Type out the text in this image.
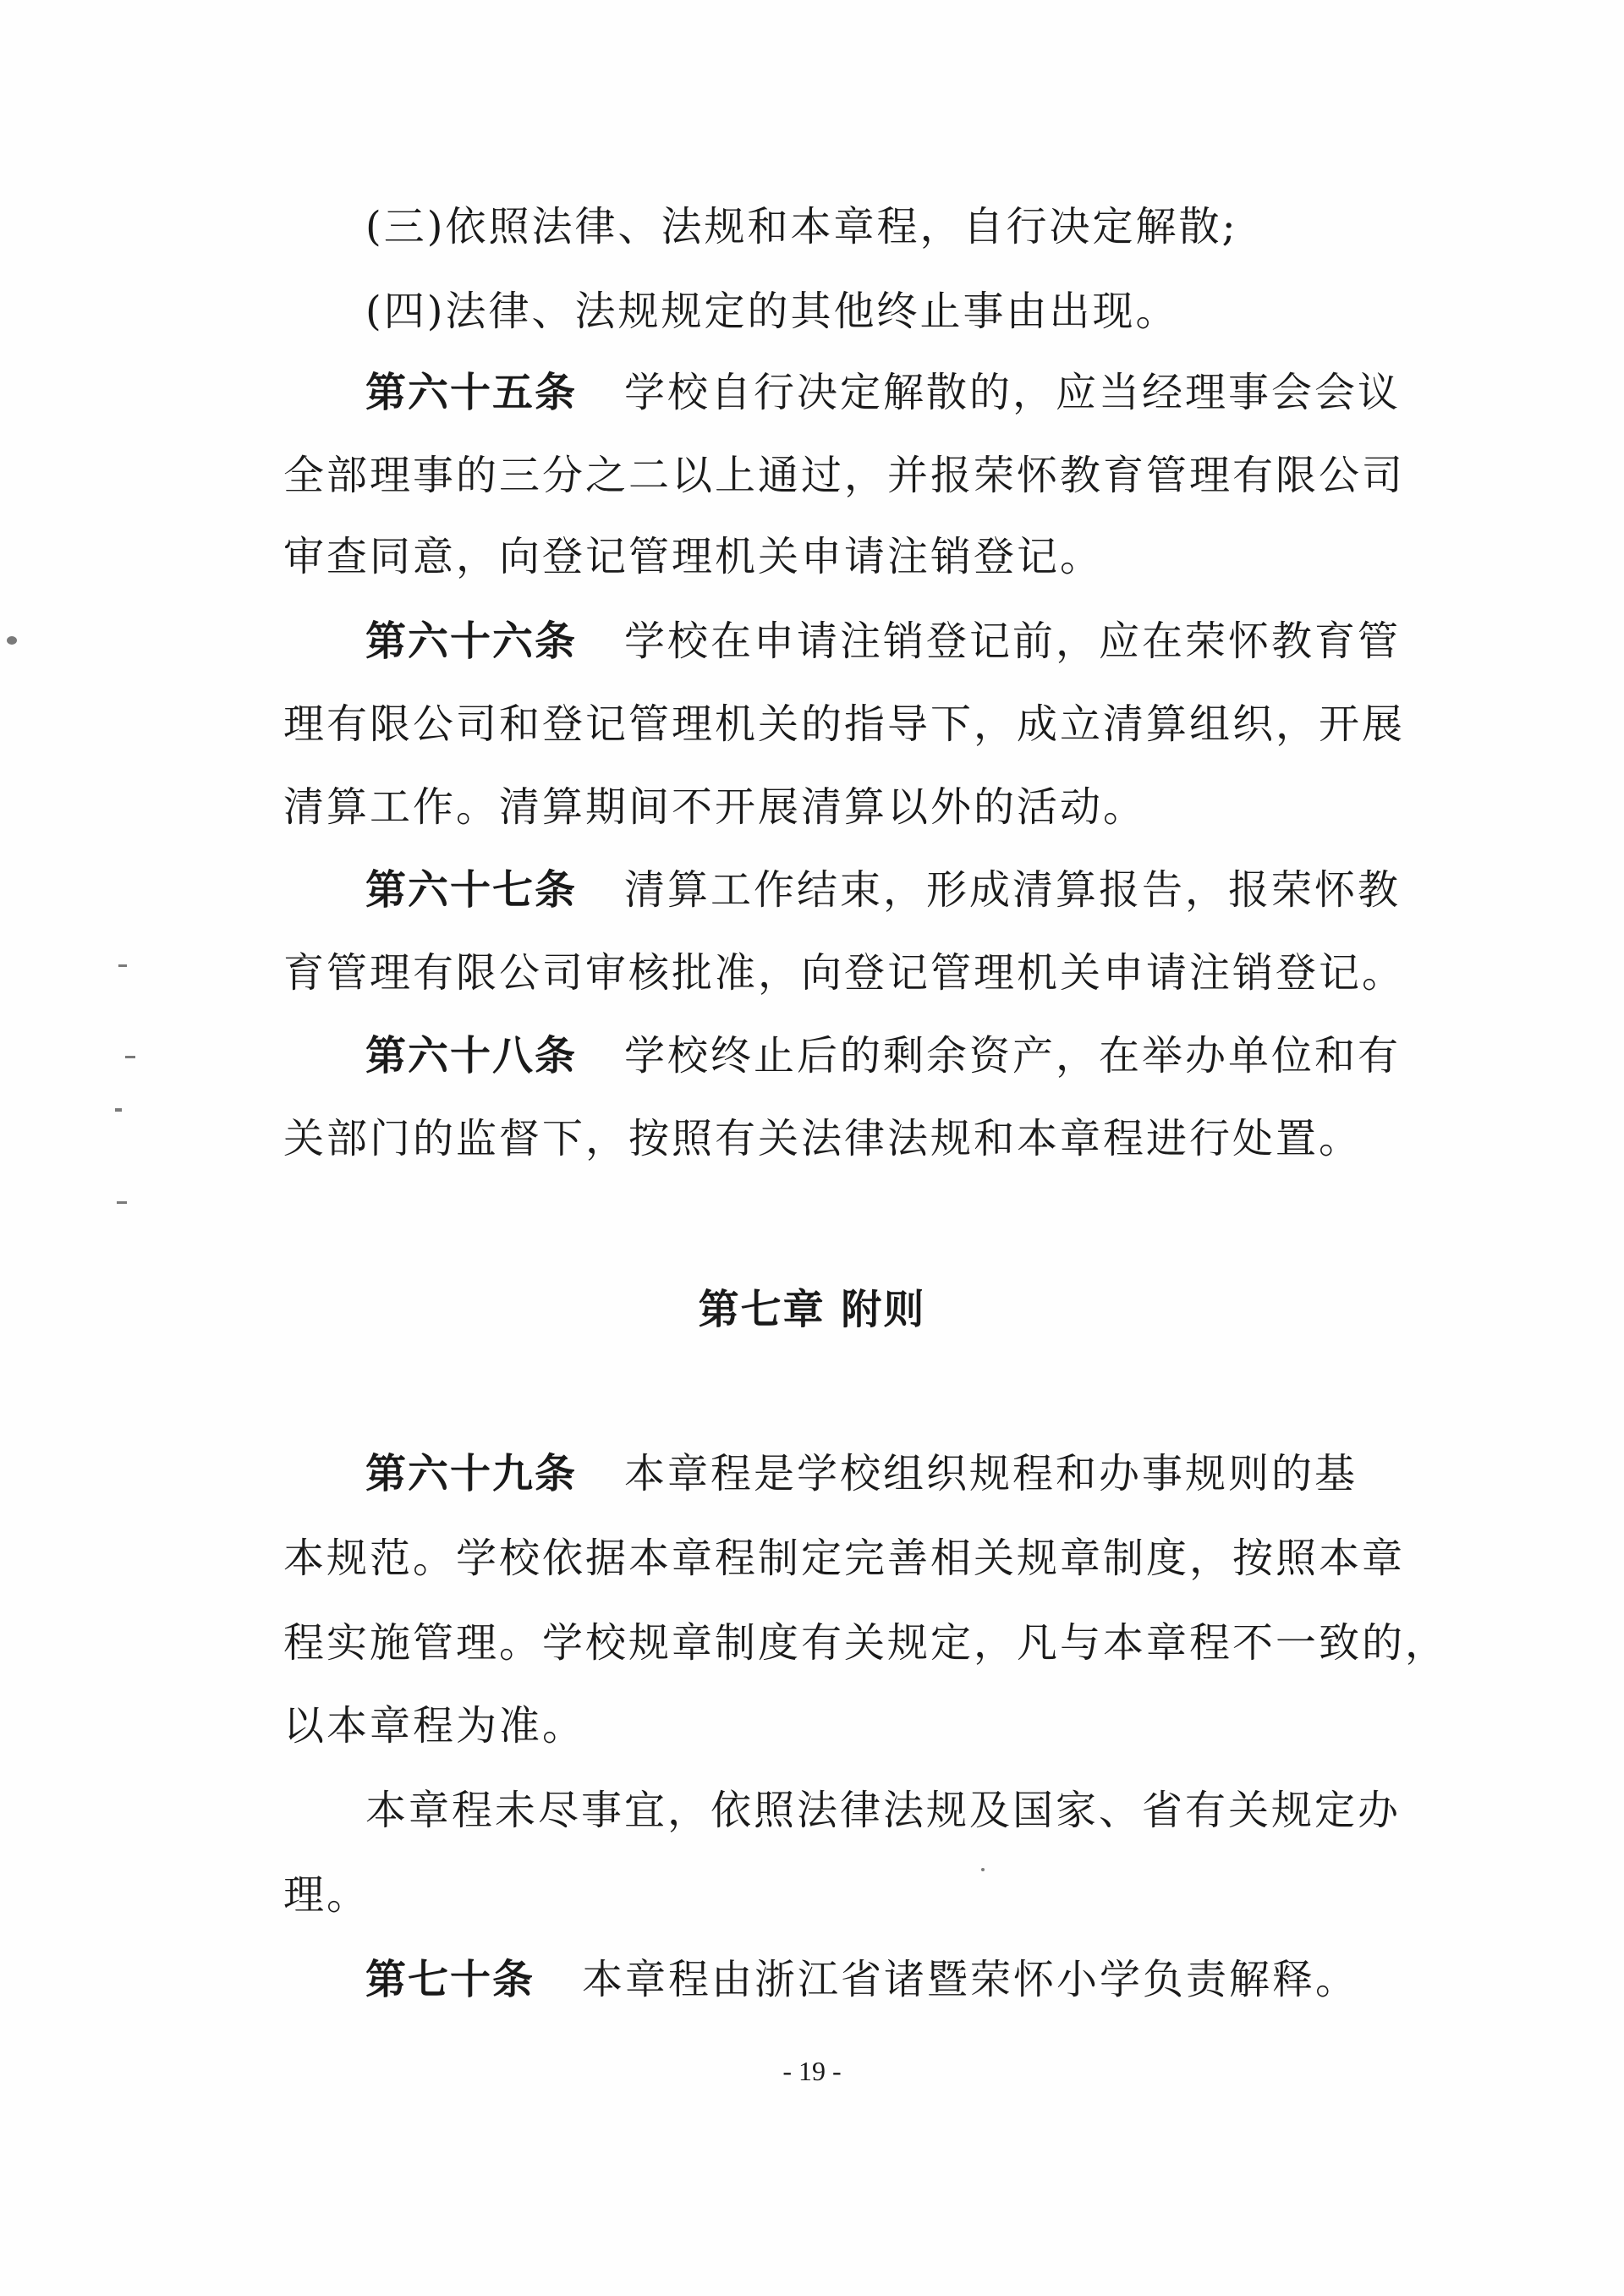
(三)依照法律、法规和本章程，自行决定解散;
(四)法律、法规规定的其他终止事由出现。
第六十五条 学校自行决定解散的，应当经理事会会议
全部理事的三分之二以上通过，并报荣怀教育管理有限公司
审查同意，向登记管理机关申请注销登记。
第六十六条 学校在申请注销登记前，应在荣怀教育管
理有限公司和登记管理机关的指导下，成立清算组织，开展
清算工作。清算期间不开展清算以外的活动。
第六十七条 清算工作结束，形成清算报告，报荣怀教
育管理有限公司审核批准，向登记管理机关申请注销登记。
第六十八条 学校终止后的剩余资产，在举办单位和有
关部门的监督下，按照有关法律法规和本章程进行处置。
第七章 附则
第六十九条 本章程是学校组织规程和办事规则的基
本规范。学校依据本章程制定完善相关规章制度，按照本章
程实施管理。学校规章制度有关规定，凡与本章程不一致的，
以本章程为准。
本章程未尽事宜，依照法律法规及国家、省有关规定办
理。
第七十条 本章程由浙江省诸暨荣怀小学负责解释。
- 19 -
